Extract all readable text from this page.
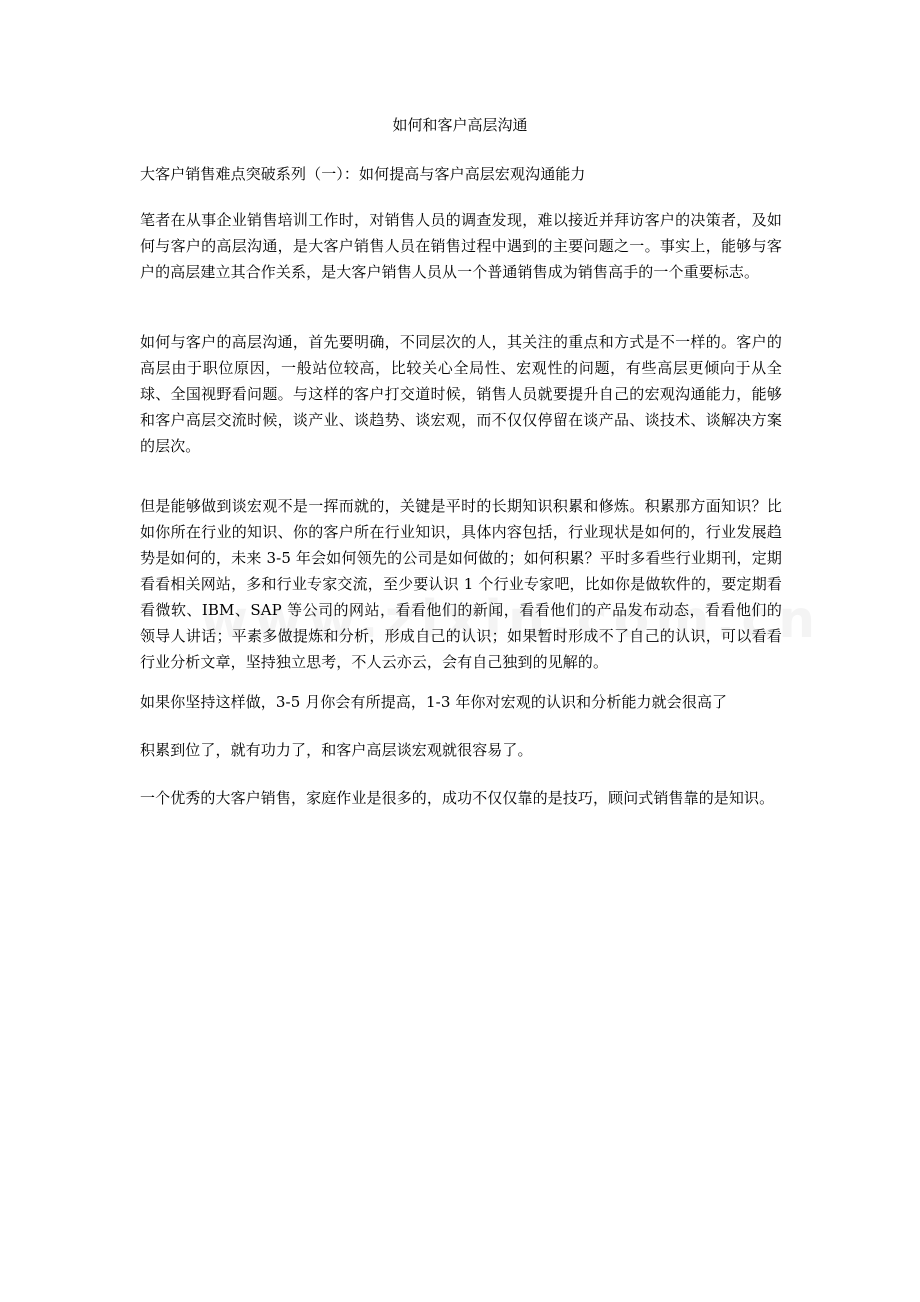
如何和客户高层沟通

大客户销售难点突破系列（一）：如何提高与客户高层宏观沟通能力

笔者在从事企业销售培训工作时，对销售人员的调查发现，难以接近并拜访客户的决策者，及如何与客户的高层沟通，是大客户销售人员在销售过程中遇到的主要问题之一。事实上，能够与客户的高层建立其合作关系，是大客户销售人员从一个普通销售成为销售高手的一个重要标志。

如何与客户的高层沟通，首先要明确，不同层次的人，其关注的重点和方式是不一样的。客户的高层由于职位原因，一般站位较高，比较关心全局性、宏观性的问题，有些高层更倾向于从全球、全国视野看问题。与这样的客户打交道时候，销售人员就要提升自己的宏观沟通能力，能够和客户高层交流时候，谈产业、谈趋势、谈宏观，而不仅仅停留在谈产品、谈技术、谈解决方案的层次。

但是能够做到谈宏观不是一挥而就的，关键是平时的长期知识积累和修炼。积累那方面知识？比如你所在行业的知识、你的客户所在行业知识，具体内容包括，行业现状是如何的，行业发展趋势是如何的，未来 3-5 年会如何领先的公司是如何做的；如何积累？平时多看些行业期刊，定期看看相关网站，多和行业专家交流，至少要认识 1 个行业专家吧，比如你是做软件的，要定期看看微软、IBM、SAP 等公司的网站，看看他们的新闻，看看他们的产品发布动态，看看他们的领导人讲话；平素多做提炼和分析，形成自己的认识；如果暂时形成不了自己的认识，可以看看行业分析文章，坚持独立思考，不人云亦云，会有自己独到的见解的。

如果你坚持这样做，3-5 月你会有所提高，1-3 年你对宏观的认识和分析能力就会很高了

积累到位了，就有功力了，和客户高层谈宏观就很容易了。

一个优秀的大客户销售，家庭作业是很多的，成功不仅仅靠的是技巧，顾问式销售靠的是知识。
